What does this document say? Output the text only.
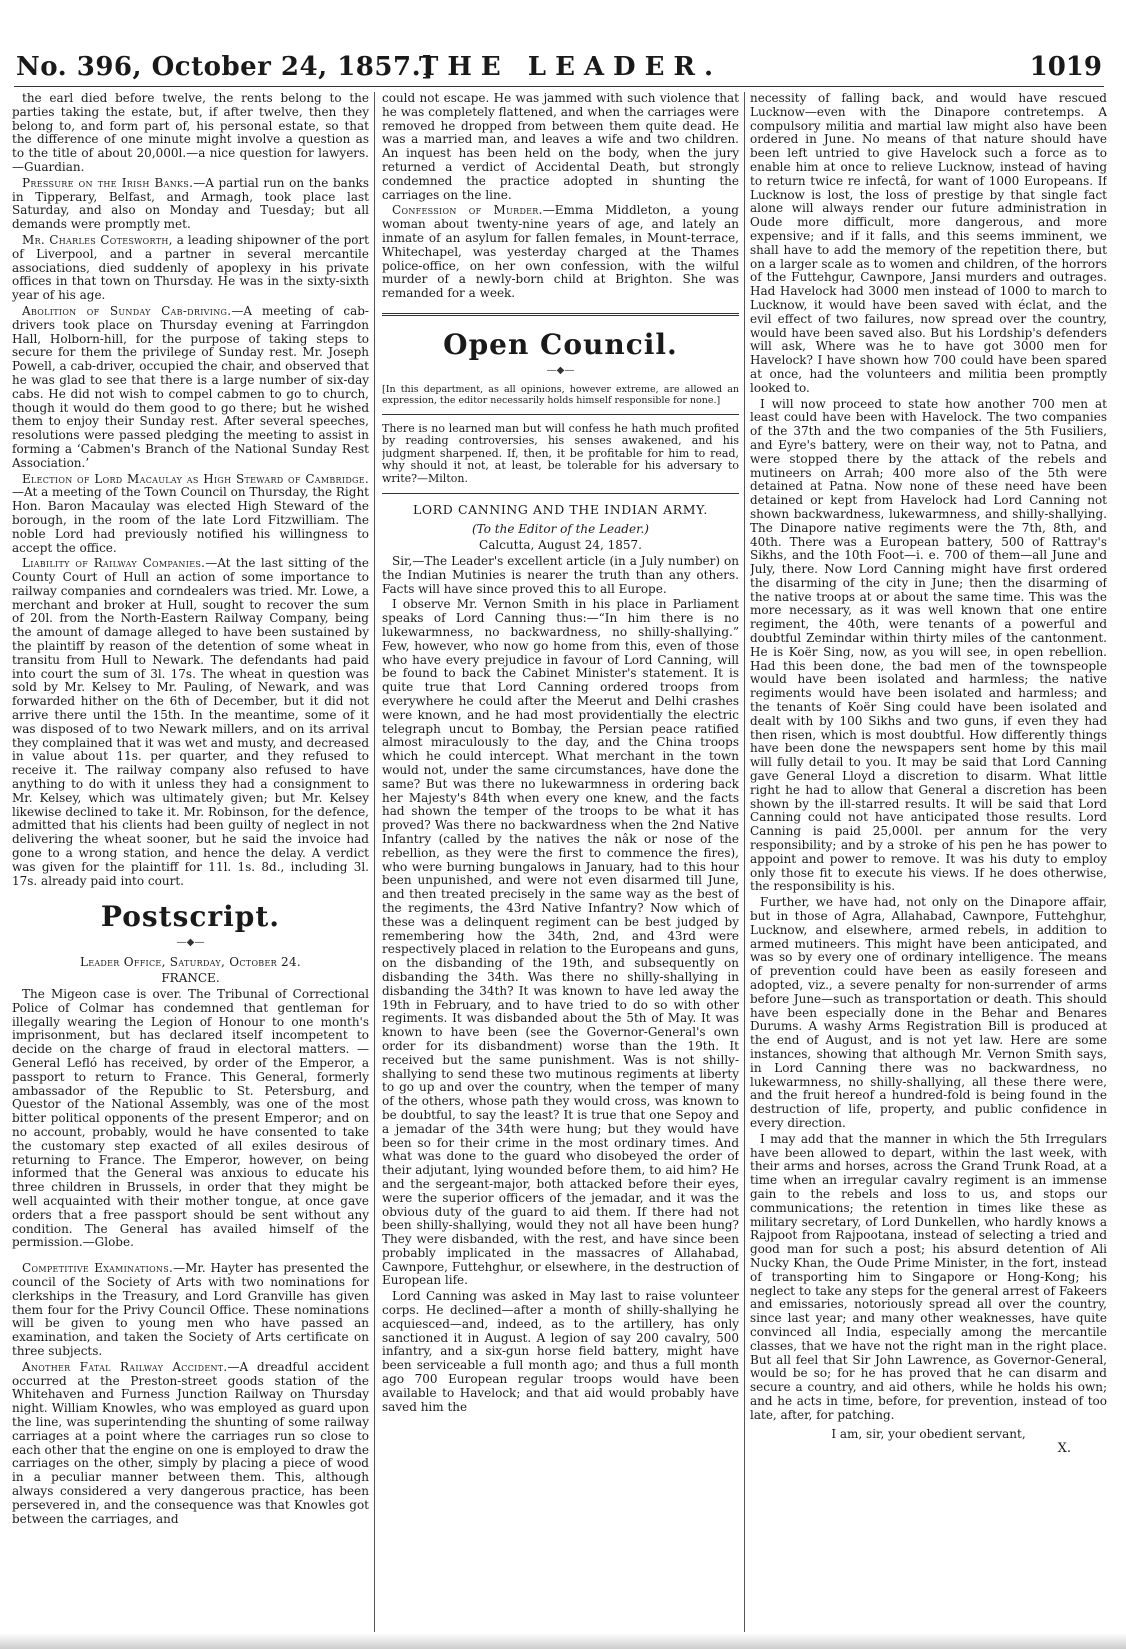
No. 396, October 24, 1857.]
THE LEADER.	1019

the earl died before twelve, the rents belong to the parties taking the estate, but, if after twelve, then they belong to, and form part of, his personal estate, so that the difference of one minute might involve a question as to the title of about 20,000l.—a nice question for lawyers.—Guardian.

Pressure on the Irish Banks.—A partial run on the banks in Tipperary, Belfast, and Armagh, took place last Saturday, and also on Monday and Tuesday; but all demands were promptly met.

Mr. Charles Cotesworth, a leading shipowner of the port of Liverpool, and a partner in several mercantile associations, died suddenly of apoplexy in his private offices in that town on Thursday. He was in the sixty-sixth year of his age.

Abolition of Sunday Cab-driving.—A meeting of cab-drivers took place on Thursday evening at Farringdon Hall, Holborn-hill, for the purpose of taking steps to secure for them the privilege of Sunday rest. Mr. Joseph Powell, a cab-driver, occupied the chair, and observed that he was glad to see that there is a large number of six-day cabs. He did not wish to compel cabmen to go to church, though it would do them good to go there; but he wished them to enjoy their Sunday rest. After several speeches, resolutions were passed pledging the meeting to assist in forming a ‘Cabmen's Branch of the National Sunday Rest Association.’

Election of Lord Macaulay as High Steward of Cambridge.—At a meeting of the Town Council on Thursday, the Right Hon. Baron Macaulay was elected High Steward of the borough, in the room of the late Lord Fitzwilliam. The noble Lord had previously notified his willingness to accept the office.

Liability of Railway Companies.—At the last sitting of the County Court of Hull an action of some importance to railway companies and corndealers was tried. Mr. Lowe, a merchant and broker at Hull, sought to recover the sum of 20l. from the North-Eastern Railway Company, being the amount of damage alleged to have been sustained by the plaintiff by reason of the detention of some wheat in transitu from Hull to Newark. The defendants had paid into court the sum of 3l. 17s. The wheat in question was sold by Mr. Kelsey to Mr. Pauling, of Newark, and was forwarded hither on the 6th of December, but it did not arrive there until the 15th. In the meantime, some of it was disposed of to two Newark millers, and on its arrival they complained that it was wet and musty, and decreased in value about 11s. per quarter, and they refused to receive it. The railway company also refused to have anything to do with it unless they had a consignment to Mr. Kelsey, which was ultimately given; but Mr. Kelsey likewise declined to take it. Mr. Robinson, for the defence, admitted that his clients had been guilty of neglect in not delivering the wheat sooner, but he said the invoice had gone to a wrong station, and hence the delay. A verdict was given for the plaintiff for 11l. 1s. 8d., including 3l. 17s. already paid into court.

Postscript.
—◆—

Leader Office, Saturday, October 24.

FRANCE.

The Migeon case is over. The Tribunal of Correctional Police of Colmar has condemned that gentleman for illegally wearing the Legion of Honour to one month's imprisonment, but has declared itself incompetent to decide on the charge of fraud in electoral matters. —General Lefló has received, by order of the Emperor, a passport to return to France. This General, formerly ambassador of the Republic to St. Petersburg, and Questor of the National Assembly, was one of the most bitter political opponents of the present Emperor; and on no account, probably, would he have consented to take the customary step exacted of all exiles desirous of returning to France. The Emperor, however, on being informed that the General was anxious to educate his three children in Brussels, in order that they might be well acquainted with their mother tongue, at once gave orders that a free passport should be sent without any condition. The General has availed himself of the permission.—Globe.

Competitive Examinations.—Mr. Hayter has presented the council of the Society of Arts with two nominations for clerkships in the Treasury, and Lord Granville has given them four for the Privy Council Office. These nominations will be given to young men who have passed an examination, and taken the Society of Arts certificate on three subjects.

Another Fatal Railway Accident.—A dreadful accident occurred at the Preston-street goods station of the Whitehaven and Furness Junction Railway on Thursday night. William Knowles, who was employed as guard upon the line, was superintending the shunting of some railway carriages at a point where the carriages run so close to each other that the engine on one is employed to draw the carriages on the other, simply by placing a piece of wood in a peculiar manner between them. This, although always considered a very dangerous practice, has been persevered in, and the consequence was that Knowles got between the carriages, and

could not escape. He was jammed with such violence that he was completely flattened, and when the carriages were removed he dropped from between them quite dead. He was a married man, and leaves a wife and two children. An inquest has been held on the body, when the jury returned a verdict of Accidental Death, but strongly condemned the practice adopted in shunting the carriages on the line.

Confession of Murder.—Emma Middleton, a young woman about twenty-nine years of age, and lately an inmate of an asylum for fallen females, in Mount-terrace, Whitechapel, was yesterday charged at the Thames police-office, on her own confession, with the wilful murder of a newly-born child at Brighton. She was remanded for a week.

Open Council.
—◆—

[In this department, as all opinions, however extreme, are allowed an expression, the editor necessarily holds himself responsible for none.]

There is no learned man but will confess he hath much profited by reading controversies, his senses awakened, and his judgment sharpened. If, then, it be profitable for him to read, why should it not, at least, be tolerable for his adversary to write?—Milton.

LORD CANNING AND THE INDIAN ARMY.

(To the Editor of the Leader.)

Calcutta, August 24, 1857.

Sir,—The Leader's excellent article (in a July number) on the Indian Mutinies is nearer the truth than any others. Facts will have since proved this to all Europe.

I observe Mr. Vernon Smith in his place in Parliament speaks of Lord Canning thus:—“In him there is no lukewarmness, no backwardness, no shilly-shallying.” Few, however, who now go home from this, even of those who have every prejudice in favour of Lord Canning, will be found to back the Cabinet Minister's statement. It is quite true that Lord Canning ordered troops from everywhere he could after the Meerut and Delhi crashes were known, and he had most providentially the electric telegraph uncut to Bombay, the Persian peace ratified almost miraculously to the day, and the China troops which he could intercept. What merchant in the town would not, under the same circumstances, have done the same? But was there no lukewarmness in ordering back her Majesty's 84th when every one knew, and the facts had shown the temper of the troops to be what it has proved? Was there no backwardness when the 2nd Native Infantry (called by the natives the nâk or nose of the rebellion, as they were the first to commence the fires), who were burning bungalows in January, had to this hour been unpunished, and were not even disarmed till June, and then treated precisely in the same way as the best of the regiments, the 43rd Native Infantry? Now which of these was a delinquent regiment can be best judged by remembering how the 34th, 2nd, and 43rd were respectively placed in relation to the Europeans and guns, on the disbanding of the 19th, and subsequently on disbanding the 34th. Was there no shilly-shallying in disbanding the 34th? It was known to have led away the 19th in February, and to have tried to do so with other regiments. It was disbanded about the 5th of May. It was known to have been (see the Governor-General's own order for its disbandment) worse than the 19th. It received but the same punishment. Was is not shilly-shallying to send these two mutinous regiments at liberty to go up and over the country, when the temper of many of the others, whose path they would cross, was known to be doubtful, to say the least? It is true that one Sepoy and a jemadar of the 34th were hung; but they would have been so for their crime in the most ordinary times. And what was done to the guard who disobeyed the order of their adjutant, lying wounded before them, to aid him? He and the sergeant-major, both attacked before their eyes, were the superior officers of the jemadar, and it was the obvious duty of the guard to aid them. If there had not been shilly-shallying, would they not all have been hung? They were disbanded, with the rest, and have since been probably implicated in the massacres of Allahabad, Cawnpore, Futtehghur, or elsewhere, in the destruction of European life.

Lord Canning was asked in May last to raise volunteer corps. He declined—after a month of shilly-shallying he acquiesced—and, indeed, as to the artillery, has only sanctioned it in August. A legion of say 200 cavalry, 500 infantry, and a six-gun horse field battery, might have been serviceable a full month ago; and thus a full month ago 700 European regular troops would have been available to Havelock; and that aid would probably have saved him the

necessity of falling back, and would have rescued Lucknow—even with the Dinapore contretemps. A compulsory militia and martial law might also have been ordered in June. No means of that nature should have been left untried to give Havelock such a force as to enable him at once to relieve Lucknow, instead of having to return twice re infectâ, for want of 1000 Europeans. If Lucknow is lost, the loss of prestige by that single fact alone will always render our future administration in Oude more difficult, more dangerous, and more expensive; and if it falls, and this seems imminent, we shall have to add the memory of the repetition there, but on a larger scale as to women and children, of the horrors of the Futtehgur, Cawnpore, Jansi murders and outrages. Had Havelock had 3000 men instead of 1000 to march to Lucknow, it would have been saved with éclat, and the evil effect of two failures, now spread over the country, would have been saved also. But his Lordship's defenders will ask, Where was he to have got 3000 men for Havelock? I have shown how 700 could have been spared at once, had the volunteers and militia been promptly looked to.

I will now proceed to state how another 700 men at least could have been with Havelock. The two companies of the 37th and the two companies of the 5th Fusiliers, and Eyre's battery, were on their way, not to Patna, and were stopped there by the attack of the rebels and mutineers on Arrah; 400 more also of the 5th were detained at Patna. Now none of these need have been detained or kept from Havelock had Lord Canning not shown backwardness, lukewarmness, and shilly-shallying. The Dinapore native regiments were the 7th, 8th, and 40th. There was a European battery, 500 of Rattray's Sikhs, and the 10th Foot—i. e. 700 of them—all June and July, there. Now Lord Canning might have first ordered the disarming of the city in June; then the disarming of the native troops at or about the same time. This was the more necessary, as it was well known that one entire regiment, the 40th, were tenants of a powerful and doubtful Zemindar within thirty miles of the cantonment. He is Koër Sing, now, as you will see, in open rebellion. Had this been done, the bad men of the townspeople would have been isolated and harmless; the native regiments would have been isolated and harmless; and the tenants of Koër Sing could have been isolated and dealt with by 100 Sikhs and two guns, if even they had then risen, which is most doubtful. How differently things have been done the newspapers sent home by this mail will fully detail to you. It may be said that Lord Canning gave General Lloyd a discretion to disarm. What little right he had to allow that General a discretion has been shown by the ill-starred results. It will be said that Lord Canning could not have anticipated those results. Lord Canning is paid 25,000l. per annum for the very responsibility; and by a stroke of his pen he has power to appoint and power to remove. It was his duty to employ only those fit to execute his views. If he does otherwise, the responsibility is his.

Further, we have had, not only on the Dinapore affair, but in those of Agra, Allahabad, Cawnpore, Futtehghur, Lucknow, and elsewhere, armed rebels, in addition to armed mutineers. This might have been anticipated, and was so by every one of ordinary intelligence. The means of prevention could have been as easily foreseen and adopted, viz., a severe penalty for non-surrender of arms before June—such as transportation or death. This should have been especially done in the Behar and Benares Durums. A washy Arms Registration Bill is produced at the end of August, and is not yet law. Here are some instances, showing that although Mr. Vernon Smith says, in Lord Canning there was no backwardness, no lukewarmness, no shilly-shallying, all these there were, and the fruit hereof a hundred-fold is being found in the destruction of life, property, and public confidence in every direction.

I may add that the manner in which the 5th Irregulars have been allowed to depart, within the last week, with their arms and horses, across the Grand Trunk Road, at a time when an irregular cavalry regiment is an immense gain to the rebels and loss to us, and stops our communications; the retention in times like these as military secretary, of Lord Dunkellen, who hardly knows a Rajpoot from Rajpootana, instead of selecting a tried and good man for such a post; his absurd detention of Ali Nucky Khan, the Oude Prime Minister, in the fort, instead of transporting him to Singapore or Hong-Kong; his neglect to take any steps for the general arrest of Fakeers and emissaries, notoriously spread all over the country, since last year; and many other weaknesses, have quite convinced all India, especially among the mercantile classes, that we have not the right man in the right place. But all feel that Sir John Lawrence, as Governor-General, would be so; for he has proved that he can disarm and secure a country, and aid others, while he holds his own; and he acts in time, before, for prevention, instead of too late, after, for patching.

I am, sir, your obedient servant,
X.
